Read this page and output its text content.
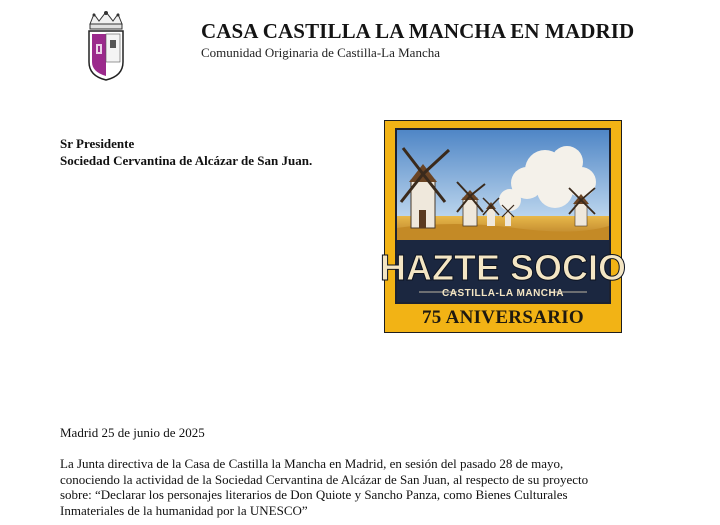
CASA CASTILLA LA MANCHA EN MADRID
Comunidad Originaria de Castilla-La Mancha
Sr Presidente
Sociedad Cervantina de Alcázar de San Juan.
HAZTE SOCIO
CASTILLA-LA MANCHA
75 ANIVERSARIO
Madrid 25 de junio de 2025
La Junta directiva de la Casa de Castilla la Mancha en Madrid, en sesión del pasado 28 de mayo,
conociendo la actividad de la Sociedad Cervantina de Alcázar de San Juan, al respecto de su proyecto
sobre: “Declarar los personajes literarios de Don Quiote y Sancho Panza, como Bienes Culturales
Inmateriales de la humanidad por la UNESCO”
